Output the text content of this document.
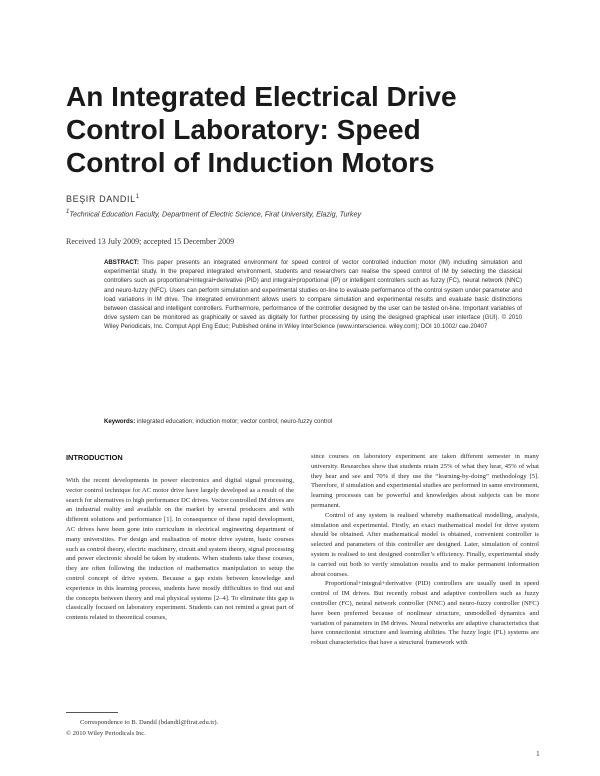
An Integrated Electrical Drive
Control Laboratory: Speed
Control of Induction Motors
BEŞIR DANDIL$^1$
$^1$Technical Education Faculty, Department of Electric Science, Firat University, Elazig, Turkey
Received 13 July 2009; accepted 15 December 2009
ABSTRACT: This paper presents an integrated environment for speed control of vector controlled induction motor (IM) including simulation and experimental study. In the prepared integrated environment, students and researchers can realise the speed control of IM by selecting the classical controllers such as proportional+integral+derivative (PID) and integral+proportional (IP) or intelligent controllers such as fuzzy (FC), neural network (NNC) and neuro-fuzzy (NFC). Users can perform simulation and experimental studies on-line to evaluate performance of the control system under parameter and load variations in IM drive. The integrated environment allows users to compare simulation and experimental results and evaluate basic distinctions between classical and intelligent controllers. Furthermore, performance of the controller designed by the user can be tested on-line. Important variables of drive system can be monitored as graphically or saved as digitally for further processing by using the designed graphical user interface (GUI). © 2010 Wiley Periodicals, Inc. Comput Appl Eng Educ; Published online in Wiley InterScience (www.interscience. wiley.com); DOI 10.1002/ cae.20407
Keywords: integrated education; induction motor; vector control; neuro-fuzzy control
INTRODUCTION

With the recent developments in power electronics and digital signal processing, vector control technique for AC motor drive have largely developed as a result of the search for alternatives to high performance DC drives. Vector controlled IM drives are an industrial reality and available on the market by several producers and with different solutions and performance [1]. In consequence of these rapid development, AC drives have been gone into curriculum in electrical engineering department of many universities. For design and realisation of motor drive system, basic courses such as control theory, electric machinery, circuit and system theory, signal processing and power electronic should be taken by students. When students take these courses, they are often following the induction of mathematics manipulation to setup the control concept of drive system. Because a gap exists between knowledge and experience in this learning process, students have mostly difficulties to find out and the concepts between theory and real physical systems [2–4]. To eliminate this gap is classically focused on laboratory experiment. Students can not remind a great part of contents related to theoretical courses,

since courses on laboratory experiment are taken different semester in many university. Researches show that students retain 25% of what they hear, 45% of what they hear and see and 70% if they use the “learning-by-doing” methodology [5]. Therefore, if simulation and experimental studies are performed in same environment, learning processes can be powerful and knowledges about subjects can be more permanent.

Control of any system is realised whereby mathematical modelling, analysis, simulation and experimental. Firstly, an exact mathematical model for drive system should be obtained. After mathematical model is obtained, convenient controller is selected and parameters of this controller are designed. Later, simulation of control system is realised to test designed controller’s efficiency. Finally, experimental study is carried out both to verify simulation results and to make permanent information about courses.

Proportional+integral+derivative (PID) controllers are usually used in speed control of IM drives. But recently robust and adaptive controllers such as fuzzy controller (FC), neural network controller (NNC) and neuro-fuzzy controller (NFC) have been preferred because of nonlinear structure, unmodelled dynamics and variation of parameters in IM drives. Neural networks are adaptive characteristics that have connectionist structure and learning abilities. The fuzzy logic (FL) systems are robust characteristics that have a structural framework with

Correspondence to B. Dandil (bdandil@firat.edu.tr).
© 2010 Wiley Periodicals Inc.
1
